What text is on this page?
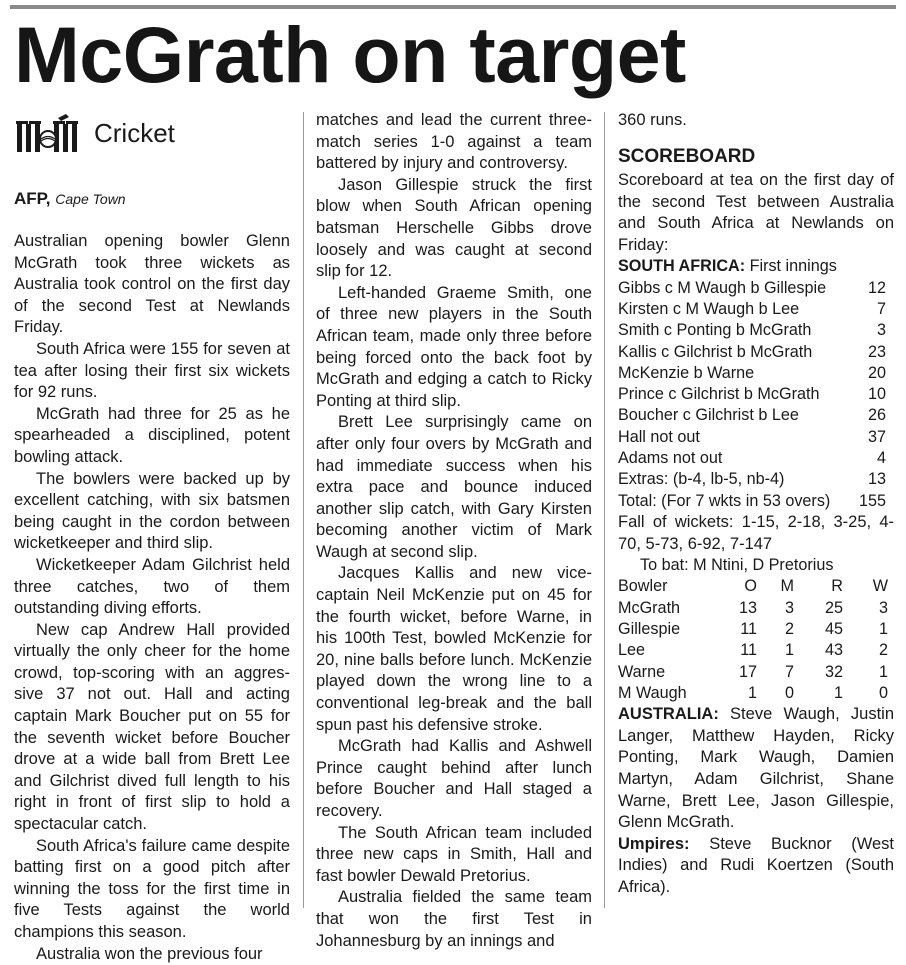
McGrath on target
Cricket
AFP, Cape Town

Australian opening bowler Glenn McGrath took three wickets as Australia took control on the first day of the second Test at Newlands Friday.

South Africa were 155 for seven at tea after losing their first six wickets for 92 runs.

McGrath had three for 25 as he spearheaded a disciplined, potent bowling attack.

The bowlers were backed up by excellent catching, with six batsmen being caught in the cordon between wicketkeeper and third slip.

Wicketkeeper Adam Gilchrist held three catches, two of them outstanding diving efforts.

New cap Andrew Hall provided virtually the only cheer for the home crowd, top-scoring with an aggres-sive 37 not out. Hall and acting captain Mark Boucher put on 55 for the seventh wicket before Boucher drove at a wide ball from Brett Lee and Gilchrist dived full length to his right in front of first slip to hold a spectacular catch.

South Africa's failure came despite batting first on a good pitch after winning the toss for the first time in five Tests against the world champions this season.

Australia won the previous four

matches and lead the current three-match series 1-0 against a team battered by injury and controversy.

Jason Gillespie struck the first blow when South African opening batsman Herschelle Gibbs drove loosely and was caught at second slip for 12.

Left-handed Graeme Smith, one of three new players in the South African team, made only three before being forced onto the back foot by McGrath and edging a catch to Ricky Ponting at third slip.

Brett Lee surprisingly came on after only four overs by McGrath and had immediate success when his extra pace and bounce induced another slip catch, with Gary Kirsten becoming another victim of Mark Waugh at second slip.

Jacques Kallis and new vice-captain Neil McKenzie put on 45 for the fourth wicket, before Warne, in his 100th Test, bowled McKenzie for 20, nine balls before lunch. McKenzie played down the wrong line to a conventional leg-break and the ball spun past his defensive stroke.

McGrath had Kallis and Ashwell Prince caught behind after lunch before Boucher and Hall staged a recovery.

The South African team included three new caps in Smith, Hall and fast bowler Dewald Pretorius.

Australia fielded the same team that won the first Test in Johannesburg by an innings and

360 runs.

SCOREBOARD

Scoreboard at tea on the first day of the second Test between Australia and South Africa at Newlands on Friday:

SOUTH AFRICA: First innings
Gibbs c M Waugh b Gillespie	12
Kirsten c M Waugh b Lee	7
Smith c Ponting b McGrath	3
Kallis c Gilchrist b McGrath	23
McKenzie b Warne	20
Prince c Gilchrist b McGrath	10
Boucher c Gilchrist b Lee	26
Hall not out	37
Adams not out	4
Extras: (b-4, lb-5, nb-4)	13
Total: (For 7 wkts in 53 overs) 155

Fall of wickets: 1-15, 2-18, 3-25, 4-70, 5-73, 6-92, 7-147

To bat: M Ntini, D Pretorius
Bowler	O M R W
McGrath	13 3 25 3
Gillespie	11 2 45 1
Lee	11 1 43 2
Warne	17 7 32 1
M Waugh	1 0 1 0

AUSTRALIA: Steve Waugh, Justin Langer, Matthew Hayden, Ricky Ponting, Mark Waugh, Damien Martyn, Adam Gilchrist, Shane Warne, Brett Lee, Jason Gillespie, Glenn McGrath.

Umpires: Steve Bucknor (West Indies) and Rudi Koertzen (South Africa).
